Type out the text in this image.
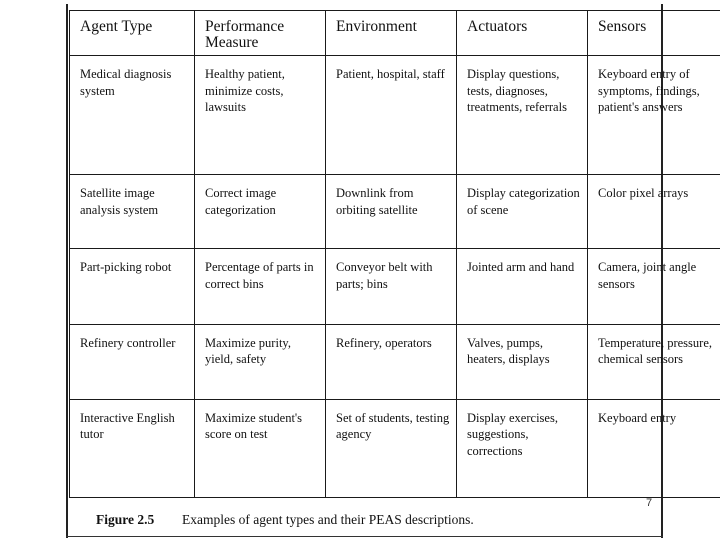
Agent Type	Performance Measure	Environment	Actuators	Sensors
Medical diagnosis system	Healthy patient, minimize costs, lawsuits	Patient, hospital, staff	Display questions, tests, diagnoses, treatments, referrals	Keyboard entry of symptoms, findings, patient's answers
Satellite image analysis system	Correct image categorization	Downlink from orbiting satellite	Display categorization of scene	Color pixel arrays
Part-picking robot	Percentage of parts in correct bins	Conveyor belt with parts; bins	Jointed arm and hand	Camera, joint angle sensors
Refinery controller	Maximize purity, yield, safety	Refinery, operators	Valves, pumps, heaters, displays	Temperature, pressure, chemical sensors
Interactive English tutor	Maximize student's score on test	Set of students, testing agency	Display exercises, suggestions, corrections	Keyboard entry
7
Figure 2.5 Examples of agent types and their PEAS descriptions.
